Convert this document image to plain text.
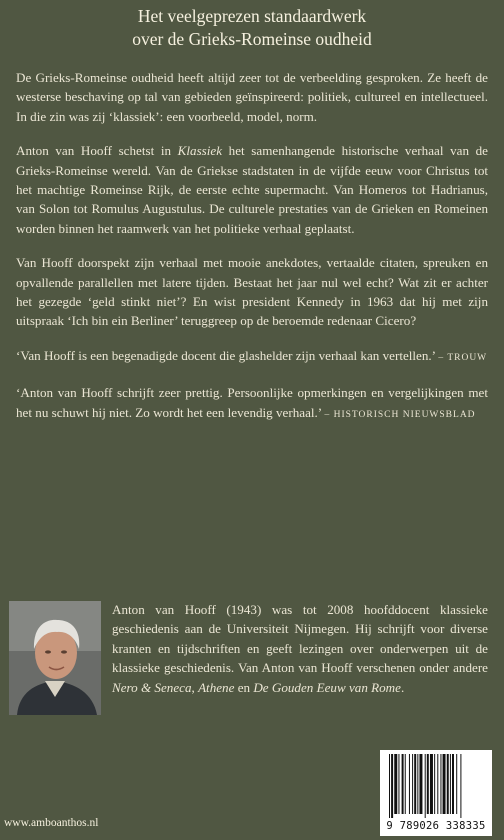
Het veelgeprezen standaardwerk
over de Grieks-Romeinse oudheid

De Grieks-Romeinse oudheid heeft altijd zeer tot de verbeelding gesproken. Ze heeft de westerse beschaving op tal van gebieden geïnspireerd: politiek, cultureel en intellectueel. In die zin was zij ‘klassiek’: een voorbeeld, model, norm.

Anton van Hooff schetst in Klassiek het samenhangende historische verhaal van de Grieks-Romeinse wereld. Van de Griekse stadstaten in de vijfde eeuw voor Christus tot het machtige Romeinse Rijk, de eerste echte supermacht. Van Homeros tot Hadrianus, van Solon tot Romulus Augustulus. De culturele prestaties van de Grieken en Romeinen worden binnen het raamwerk van het politieke verhaal geplaatst.

Van Hooff doorspekt zijn verhaal met mooie anekdotes, vertaalde citaten, spreuken en opvallende parallellen met latere tijden. Bestaat het jaar nul wel echt? Wat zit er achter het gezegde ‘geld stinkt niet’? En wist president Kennedy in 1963 dat hij met zijn uitspraak ‘Ich bin ein Berliner’ teruggreep op de beroemde redenaar Cicero?

‘Van Hooff is een begenadigde docent die glashelder zijn verhaal kan vertellen.’ – TROUW

‘Anton van Hooff schrijft zeer prettig. Persoonlijke opmerkingen en vergelijkingen met het nu schuwt hij niet. Zo wordt het een levendig verhaal.’ – HISTORISCH NIEUWSBLAD

Anton van Hooff (1943) was tot 2008 hoofddocent klassieke geschiedenis aan de Universiteit Nijmegen. Hij schrijft voor diverse kranten en tijdschriften en geeft lezingen over onderwerpen uit de klassieke geschiedenis. Van Anton van Hooff verschenen onder andere Nero & Seneca, Athene en De Gouden Eeuw van Rome.
www.amboanthos.nl	9 789026 338335
